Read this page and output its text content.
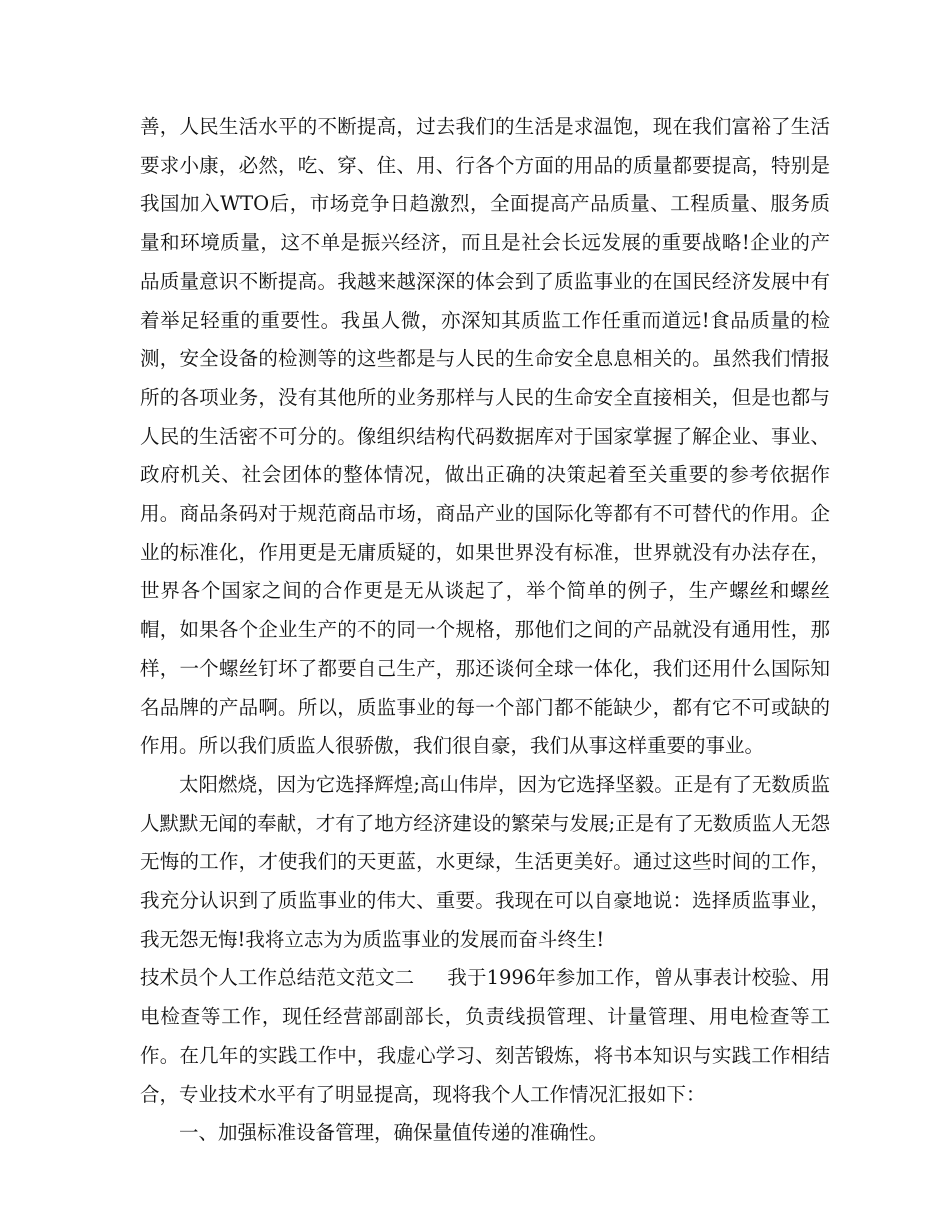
善，人民生活水平的不断提高，过去我们的生活是求温饱，现在我们富裕了生活要求小康，必然，吃、穿、住、用、行各个方面的用品的质量都要提高，特别是我国加入WTO后，市场竞争日趋激烈，全面提高产品质量、工程质量、服务质量和环境质量，这不单是振兴经济，而且是社会长远发展的重要战略!企业的产品质量意识不断提高。我越来越深深的体会到了质监事业的在国民经济发展中有着举足轻重的重要性。我虽人微，亦深知其质监工作任重而道远!食品质量的检测，安全设备的检测等的这些都是与人民的生命安全息息相关的。虽然我们情报所的各项业务，没有其他所的业务那样与人民的生命安全直接相关，但是也都与人民的生活密不可分的。像组织结构代码数据库对于国家掌握了解企业、事业、政府机关、社会团体的整体情况，做出正确的决策起着至关重要的参考依据作用。商品条码对于规范商品市场，商品产业的国际化等都有不可替代的作用。企业的标准化，作用更是无庸质疑的，如果世界没有标准，世界就没有办法存在，世界各个国家之间的合作更是无从谈起了，举个简单的例子，生产螺丝和螺丝帽，如果各个企业生产的不的同一个规格，那他们之间的产品就没有通用性，那样，一个螺丝钉坏了都要自己生产，那还谈何全球一体化，我们还用什么国际知名品牌的产品啊。所以，质监事业的每一个部门都不能缺少，都有它不可或缺的作用。所以我们质监人很骄傲，我们很自豪，我们从事这样重要的事业。

太阳燃烧，因为它选择辉煌;高山伟岸，因为它选择坚毅。正是有了无数质监人默默无闻的奉献，才有了地方经济建设的繁荣与发展;正是有了无数质监人无怨无悔的工作，才使我们的天更蓝，水更绿，生活更美好。通过这些时间的工作，我充分认识到了质监事业的伟大、重要。我现在可以自豪地说：选择质监事业，我无怨无悔!我将立志为为质监事业的发展而奋斗终生!

技术员个人工作总结范文范文二 我于1996年参加工作，曾从事表计校验、用电检查等工作，现任经营部副部长，负责线损管理、计量管理、用电检查等工作。在几年的实践工作中，我虚心学习、刻苦锻炼，将书本知识与实践工作相结合，专业技术水平有了明显提高，现将我个人工作情况汇报如下：

一、加强标准设备管理，确保量值传递的准确性。
